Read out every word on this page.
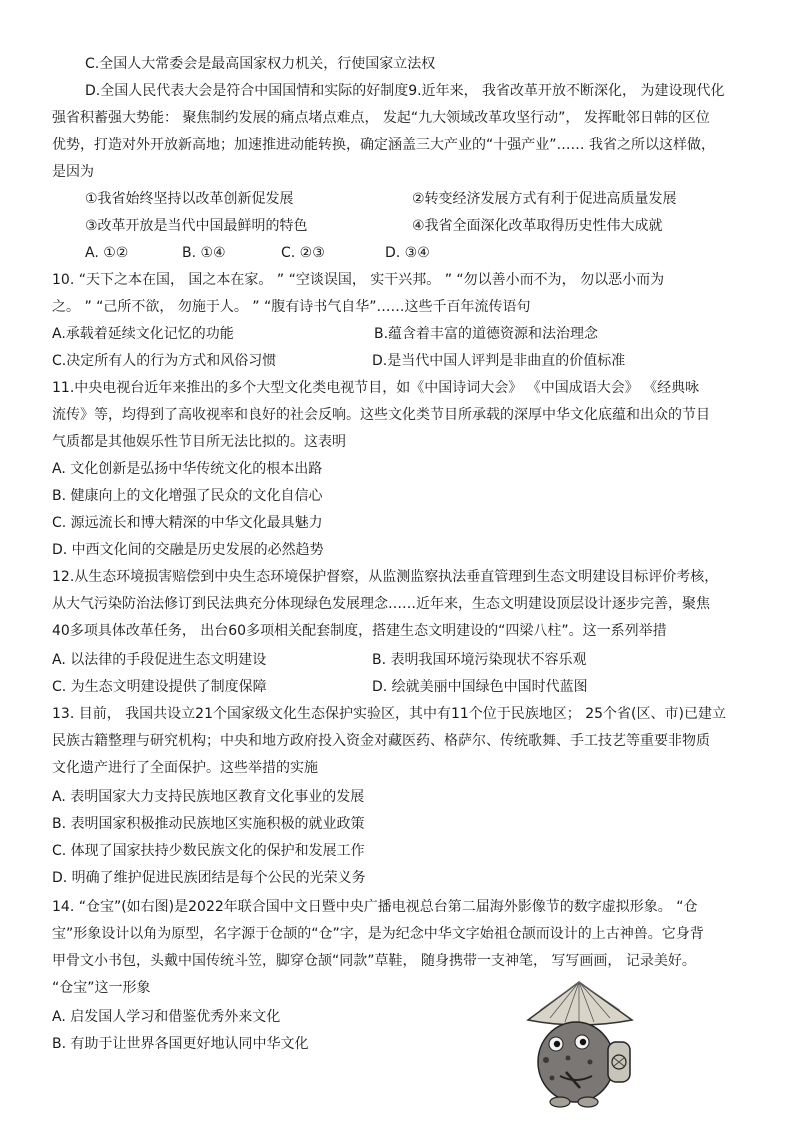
C.全国人大常委会是最高国家权力机关，行使国家立法权
D.全国人民代表大会是符合中国国情和实际的好制度9.近年来， 我省改革开放不断深化， 为建设现代化
强省积蓄强大势能： 聚焦制约发展的痛点堵点难点， 发起“九大领域改革攻坚行动”， 发挥毗邻日韩的区位
优势，打造对外开放新高地；加速推进动能转换，确定涵盖三大产业的“十强产业”…… 我省之所以这样做，
是因为
①我省始终坚持以改革创新促发展	②转变经济发展方式有利于促进高质量发展
③改革开放是当代中国最鲜明的特色	④我省全面深化改革取得历史性伟大成就
A. ①②	B. ①④	C. ②③	D. ③④
10. “天下之本在国， 国之本在家。 ” “空谈误国， 实干兴邦。 ” “勿以善小而不为， 勿以恶小而为
之。 ” “己所不欲， 勿施于人。 ” “腹有诗书气自华”……这些千百年流传语句
A.承载着延续文化记忆的功能	B.蕴含着丰富的道德资源和法治理念
C.决定所有人的行为方式和风俗习惯	D.是当代中国人评判是非曲直的价值标准
11.中央电视台近年来推出的多个大型文化类电视节目，如《中国诗词大会》 《中国成语大会》 《经典咏
流传》等，均得到了高收视率和良好的社会反响。这些文化类节目所承载的深厚中华文化底蕴和出众的节目
气质都是其他娱乐性节目所无法比拟的。这表明
A. 文化创新是弘扬中华传统文化的根本出路
B. 健康向上的文化增强了民众的文化自信心
C. 源远流长和博大精深的中华文化最具魅力
D. 中西文化间的交融是历史发展的必然趋势
12.从生态环境损害赔偿到中央生态环境保护督察，从监测监察执法垂直管理到生态文明建设目标评价考核，
从大气污染防治法修订到民法典充分体现绿色发展理念……近年来，生态文明建设顶层设计逐步完善，聚焦
40多项具体改革任务， 出台60多项相关配套制度，搭建生态文明建设的“四梁八柱”。这一系列举措
A. 以法律的手段促进生态文明建设	B. 表明我国环境污染现状不容乐观
C. 为生态文明建设提供了制度保障	D. 绘就美丽中国绿色中国时代蓝图
13. 目前， 我国共设立21个国家级文化生态保护实验区，其中有11个位于民族地区； 25个省(区、市)已建立
民族古籍整理与研究机构；中央和地方政府投入资金对藏医药、格萨尔、传统歌舞、手工技艺等重要非物质
文化遗产进行了全面保护。这些举措的实施
A. 表明国家大力支持民族地区教育文化事业的发展
B. 表明国家积极推动民族地区实施积极的就业政策
C. 体现了国家扶持少数民族文化的保护和发展工作
D. 明确了维护促进民族团结是每个公民的光荣义务
14. “仓宝”(如右图)是2022年联合国中文日暨中央广播电视总台第二届海外影像节的数字虚拟形象。 “仓
宝”形象设计以角为原型，名字源于仓颉的“仓”字，是为纪念中华文字始祖仓颉而设计的上古神兽。它身背
甲骨文小书包，头戴中国传统斗笠，脚穿仓颉“同款”草鞋， 随身携带一支神笔， 写写画画， 记录美好。
“仓宝”这一形象
A. 启发国人学习和借鉴优秀外来文化
B. 有助于让世界各国更好地认同中华文化
